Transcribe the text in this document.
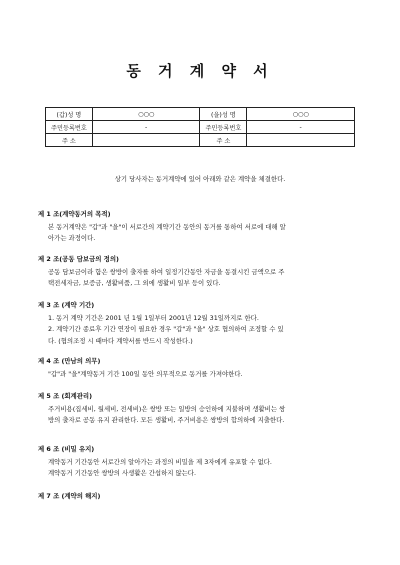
동 거 계 약 서
(갑)성 명	○○○	(을)성 명	○○○
주민등록번호	-	주민등록번호	-
주 소		주 소	
상기 당사자는 동거계약에 있어 아래와 같은 계약을 체결한다.
제 1 조(계약동거의 목적)
본 동거계약은 "갑"과 "을"이 서로간의 계약기간 동안의 동거를 통하여 서로에 대해 알
아가는 과정이다.
제 2 조(공동 담보금의 정의)
공동 담보금이라 함은 쌍방이 출자를 하여 일정기간동안 자금을 동결시킨 금액으로 주
택전세자금, 보증금, 생활비품, 그 외에 생활비 일부 등이 있다.
제 3 조 (계약 기간)
1. 동거 계약 기간은 2001 년 1월 1일부터 2001년 12월 31일까지로 한다.
2. 계약기간 종료후 기간 연장이 필요한 경우 "갑"과 "을" 상호 협의하여 조정할 수 있
다. (협의조정 시 때마다 계약서를 반드시 작성한다.)
제 4 조 (만남의 의무)
"갑"과 "을"계약동거 기간 100일 동안 의무적으로 동거를 가져야한다.
제 5 조 (회계관리)
주거비용(집세비, 월세비, 전세비)은 쌍방 또는 일방의 승인하에 지불하며 생활비는 쌍
방의 출자로 공동 유지 관리한다. 모든 생활비, 주거비용은 쌍방의 합의하에 지출한다.
제 6 조 (비밀 유지)
계약동거 기간동안 서로간의 알아가는 과정의 비밀을 제 3자에게 유포할 수 없다.
계약동거 기간동안 쌍방의 사생활은 간섭하지 않는다.
제 7 조 (계약의 해지)
